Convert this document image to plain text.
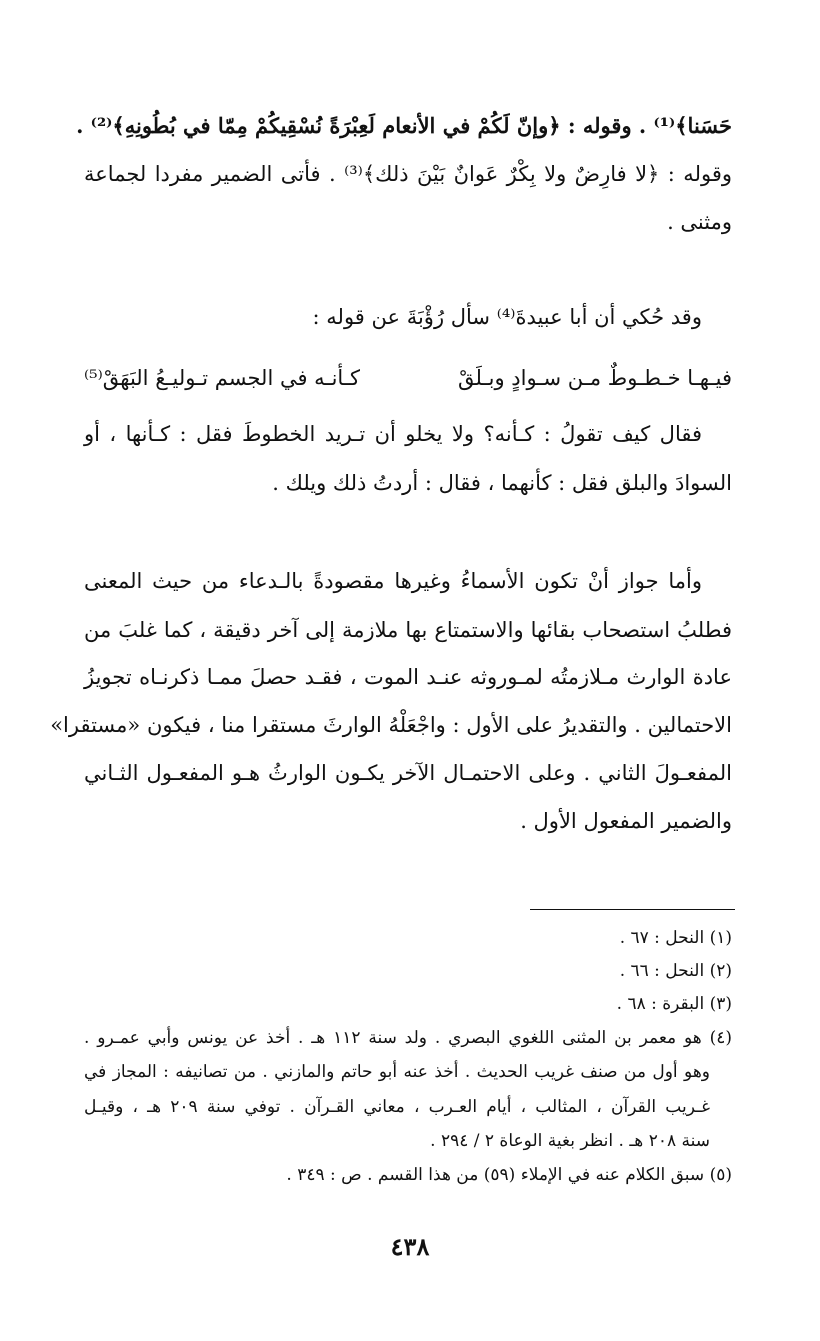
حَسَنا﴾⁽¹⁾ . وقوله : ﴿وإنّ لَكُمْ في الأنعام لَعِبْرَةً نُسْقِيكُمْ مِمّا في بُطُونِهِ﴾⁽²⁾ .
وقوله : ﴿لا فارِضٌ ولا بِكْرٌ عَوانٌ بَيْنَ ذلك﴾⁽³⁾ . فأتى الضمير مفردا لجماعة
ومثنى .
وقد حُكي أن أبا عبيدةَ⁽⁴⁾ سأل رُؤْبَةَ عن قوله :
فيـهـا خـطـوطٌ مـن سـوادٍ وبـلَقْ
كـأنـه في الجسم تـوليـعُ البَهَقْ⁽⁵⁾
فقال كيف تقولُ : كـأنه؟ ولا يخلو أن تـريد الخطوطَ فقل : كـأنها ، أو
السوادَ والبلق فقل : كأنهما ، فقال : أردتُ ذلك ويلك .
وأما جواز أنْ تكون الأسماءُ وغيرها مقصودةً بالـدعاء من حيث المعنى
فطلبُ استصحاب بقائها والاستمتاع بها ملازمة إلى آخر دقيقة ، كما غلبَ من
عادة الوارث مـلازمتُه لمـوروثه عنـد الموت ، فقـد حصلَ ممـا ذكرنـاه تجويزُ
الاحتمالين . والتقديرُ على الأول : واجْعَلْهُ الوارثَ مستقرا منا ، فيكون «مستقرا»
المفعـولَ الثاني . وعلى الاحتمـال الآخر يكـون الوارثُ هـو المفعـول الثـاني
والضمير المفعول الأول .
(١) النحل : ٦٧ .
(٢) النحل : ٦٦ .
(٣) البقرة : ٦٨ .
(٤) هو معمر بن المثنى اللغوي البصري . ولد سنة ١١٢ هـ . أخذ عن يونس وأبي عمـرو .
وهو أول من صنف غريب الحديث . أخذ عنه أبو حاتم والمازني . من تصانيفه : المجاز في
غـريب القرآن ، المثالب ، أيام العـرب ، معاني القـرآن . توفي سنة ٢٠٩ هـ ، وقيـل
سنة ٢٠٨ هـ . انظر بغية الوعاة ٢ / ٢٩٤ .
(٥) سبق الكلام عنه في الإملاء (٥٩) من هذا القسم . ص : ٣٤٩ .
٤٣٨
